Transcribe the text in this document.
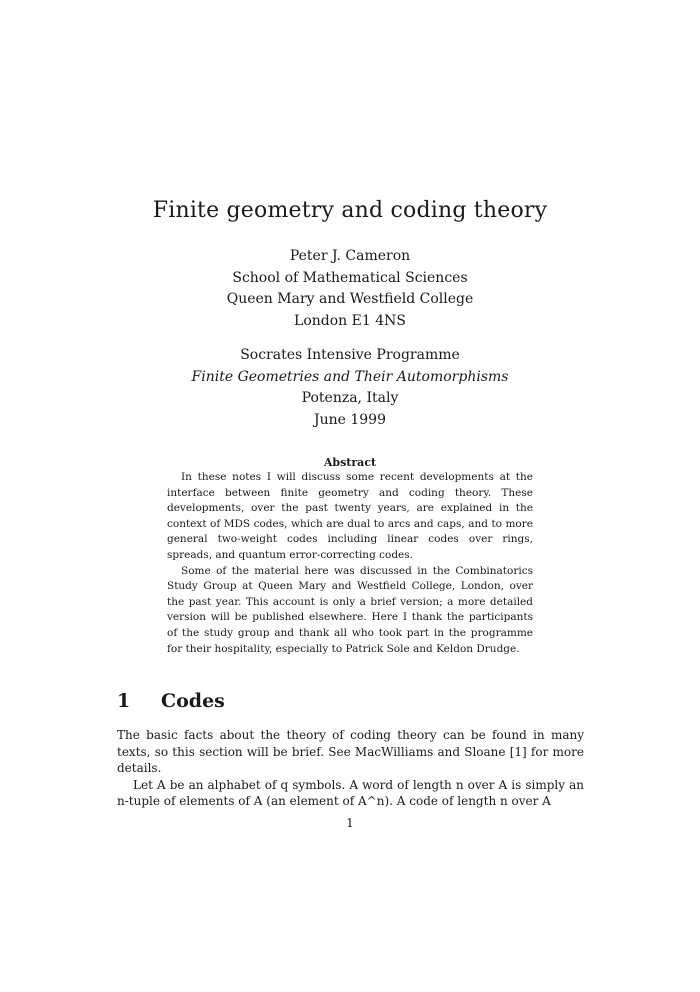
Finite geometry and coding theory
Peter J. Cameron
School of Mathematical Sciences
Queen Mary and Westfield College
London E1 4NS
Socrates Intensive Programme
Finite Geometries and Their Automorphisms
Potenza, Italy
June 1999
Abstract

In these notes I will discuss some recent developments at the interface between finite geometry and coding theory. These developments, over the past twenty years, are explained in the context of MDS codes, which are dual to arcs and caps, and to more general two-weight codes including linear codes over rings, spreads, and quantum error-correcting codes.

Some of the material here was discussed in the Combinatorics Study Group at Queen Mary and Westfield College, London, over the past year. This account is only a brief version; a more detailed version will be published elsewhere. Here I thank the participants of the study group and thank all who took part in the programme for their hospitality, especially to Patrick Sole and Keldon Drudge.

1 Codes

The basic facts about the theory of coding theory can be found in many texts, so this section will be brief. See MacWilliams and Sloane [1] for more details.

Let A be an alphabet of q symbols. A word of length n over A is simply an n-tuple of elements of A (an element of A^n). A code of length n over A

1
